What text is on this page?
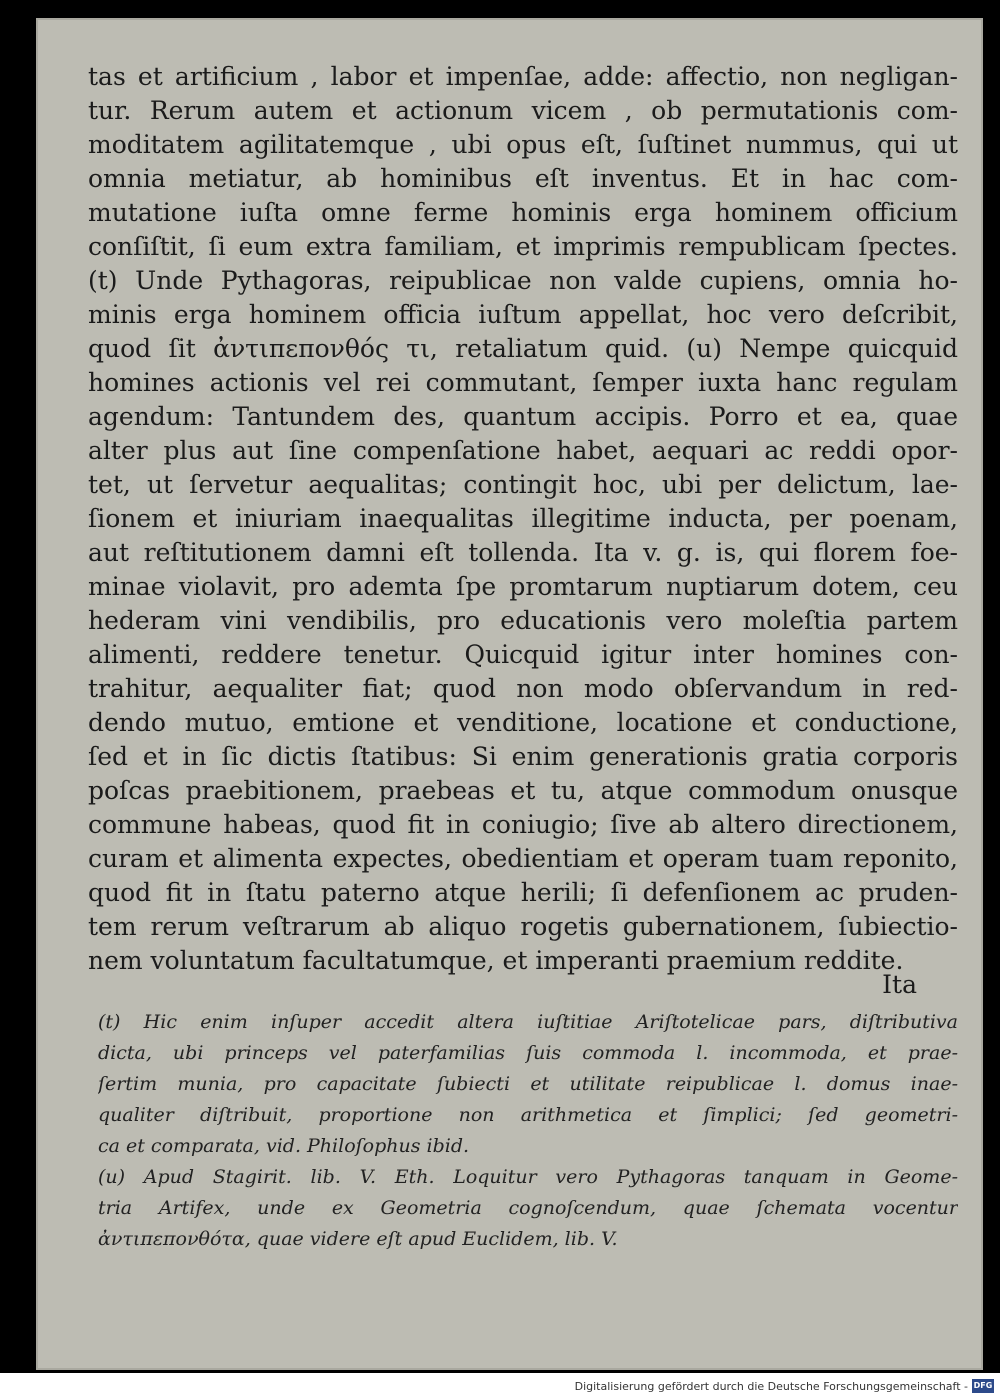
tas et artificium , labor et impenſae, adde: affectio, non negligan-
tur. Rerum autem et actionum vicem , ob permutationis com-
moditatem agilitatemque , ubi opus eſt, ſuſtinet nummus, qui ut
omnia metiatur, ab hominibus eſt inventus. Et in hac com-
mutatione iuſta omne ferme hominis erga hominem officium
conſiſtit, ſi eum extra familiam, et imprimis rempublicam ſpectes.
(t) Unde Pythagoras, reipublicae non valde cupiens, omnia ho-
minis erga hominem officia iuſtum appellat, hoc vero deſcribit,
quod ſit ἀντιπεπονθός τι, retaliatum quid. (u) Nempe quicquid
homines actionis vel rei commutant, ſemper iuxta hanc regulam
agendum: Tantundem des, quantum accipis. Porro et ea, quae
alter plus aut ſine compenſatione habet, aequari ac reddi opor-
tet, ut ſervetur aequalitas; contingit hoc, ubi per delictum, lae-
ſionem et iniuriam inaequalitas illegitime inducta, per poenam,
aut reſtitutionem damni eſt tollenda. Ita v. g. is, qui florem foe-
minae violavit, pro ademta ſpe promtarum nuptiarum dotem, ceu
hederam vini vendibilis, pro educationis vero moleſtia partem
alimenti, reddere tenetur. Quicquid igitur inter homines con-
trahitur, aequaliter fiat; quod non modo obſervandum in red-
dendo mutuo, emtione et venditione, locatione et conductione,
ſed et in ſic dictis ſtatibus: Si enim generationis gratia corporis
poſcas praebitionem, praebeas et tu, atque commodum onusque
commune habeas, quod fit in coniugio; ſive ab altero directionem,
curam et alimenta expectes, obedientiam et operam tuam reponito,
quod fit in ſtatu paterno atque herili; ſi defenſionem ac pruden-
tem rerum veſtrarum ab aliquo rogetis gubernationem, ſubiectio-
nem voluntatum facultatumque, et imperanti praemium reddite.
Ita
(t) Hic enim inſuper accedit altera iuſtitiae Ariſtotelicae pars, diſtributiva
dicta, ubi princeps vel paterfamilias ſuis commoda l. incommoda, et prae-
ſertim munia, pro capacitate ſubiecti et utilitate reipublicae l. domus inae-
qualiter diſtribuit, proportione non arithmetica et ſimplici; ſed geometri-
ca et comparata, vid. Philoſophus ibid.
(u) Apud Stagirit. lib. V. Eth. Loquitur vero Pythagoras tanquam in Geome-
tria Artifex, unde ex Geometria cognoſcendum, quae ſchemata vocentur
ἀντιπεπονθότα, quae videre eſt apud Euclidem, lib. V.
Digitalisierung gefördert durch die Deutsche Forschungsgemeinschaft - DFG
